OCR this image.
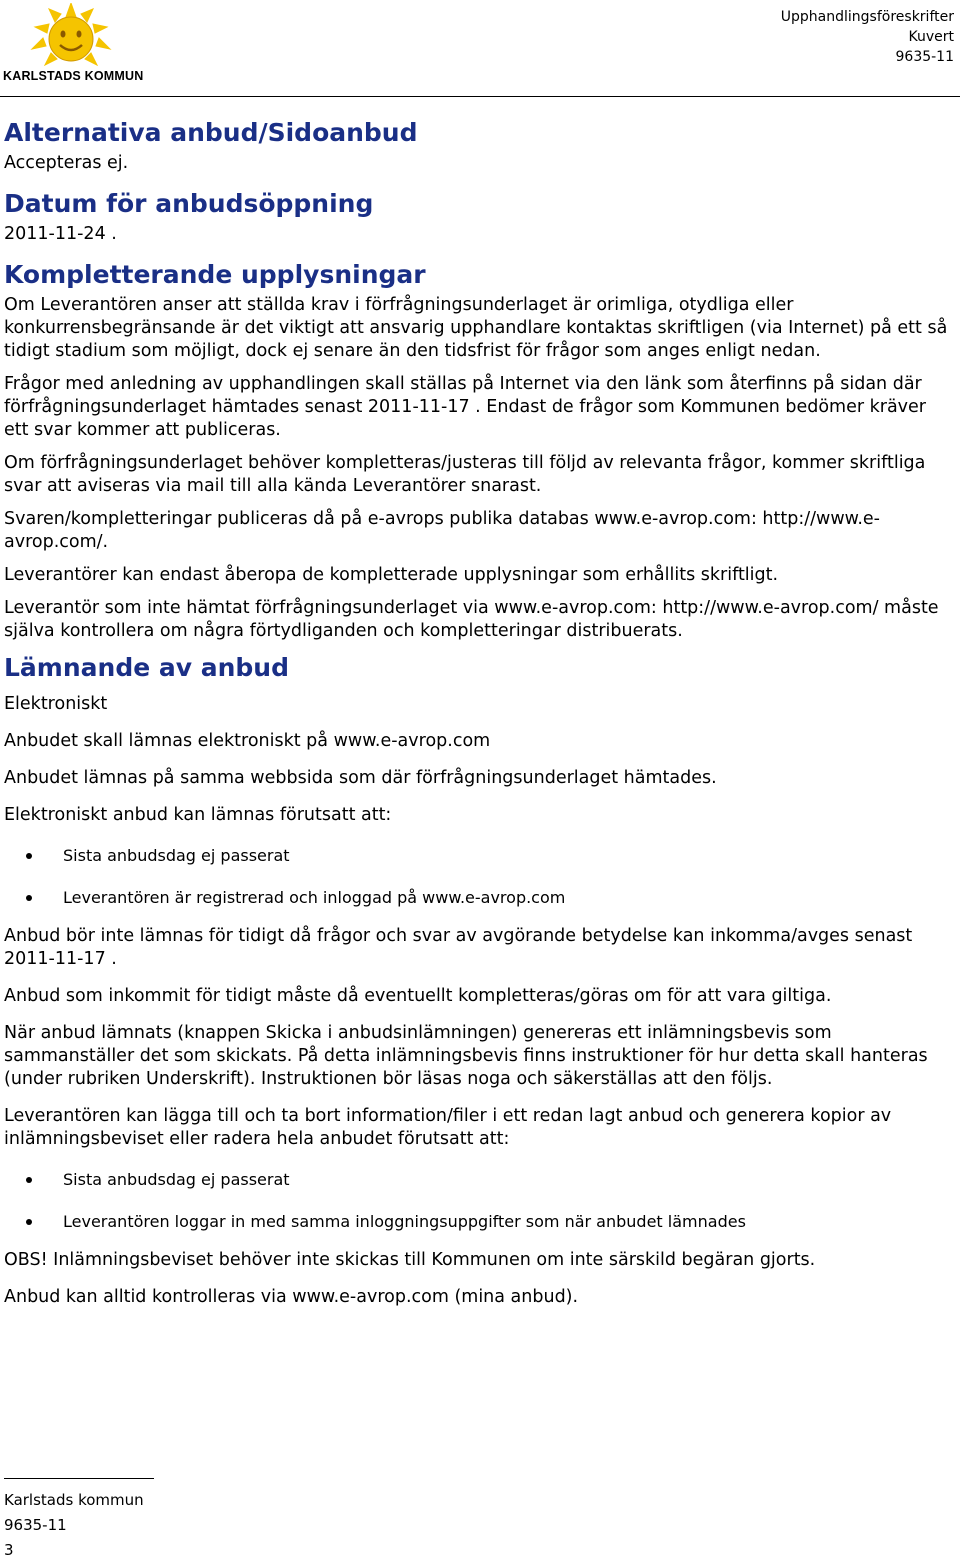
KARLSTADS KOMMUN
Upphandlingsföreskrifter
Kuvert
9635-11
Alternativa anbud/Sidoanbud

Accepteras ej.

Datum för anbudsöppning

2011-11-24 .

Kompletterande upplysningar

Om Leverantören anser att ställda krav i förfrågningsunderlaget är orimliga, otydliga eller konkurrensbegränsande är det viktigt att ansvarig upphandlare kontaktas skriftligen (via Internet) på ett så tidigt stadium som möjligt, dock ej senare än den tidsfrist för frågor som anges enligt nedan.

Frågor med anledning av upphandlingen skall ställas på Internet via den länk som återfinns på sidan där förfrågningsunderlaget hämtades senast 2011-11-17 . Endast de frågor som Kommunen bedömer kräver ett svar kommer att publiceras.

Om förfrågningsunderlaget behöver kompletteras/justeras till följd av relevanta frågor, kommer skriftliga svar att aviseras via mail till alla kända Leverantörer snarast.

Svaren/kompletteringar publiceras då på e-avrops publika databas www.e-avrop.com: http://www.e-avrop.com/.

Leverantörer kan endast åberopa de kompletterade upplysningar som erhållits skriftligt.

Leverantör som inte hämtat förfrågningsunderlaget via www.e-avrop.com: http://www.e-avrop.com/ måste själva kontrollera om några förtydliganden och kompletteringar distribuerats.

Lämnande av anbud

Elektroniskt

Anbudet skall lämnas elektroniskt på www.e-avrop.com

Anbudet lämnas på samma webbsida som där förfrågningsunderlaget hämtades.

Elektroniskt anbud kan lämnas förutsatt att:

Sista anbudsdag ej passerat
Leverantören är registrerad och inloggad på www.e-avrop.com

Anbud bör inte lämnas för tidigt då frågor och svar av avgörande betydelse kan inkomma/avges senast 2011-11-17 .

Anbud som inkommit för tidigt måste då eventuellt kompletteras/göras om för att vara giltiga.

När anbud lämnats (knappen Skicka i anbudsinlämningen) genereras ett inlämningsbevis som sammanställer det som skickats. På detta inlämningsbevis finns instruktioner för hur detta skall hanteras (under rubriken Underskrift). Instruktionen bör läsas noga och säkerställas att den följs.

Leverantören kan lägga till och ta bort information/filer i ett redan lagt anbud och generera kopior av inlämningsbeviset eller radera hela anbudet förutsatt att:

Sista anbudsdag ej passerat
Leverantören loggar in med samma inloggningsuppgifter som när anbudet lämnades

OBS! Inlämningsbeviset behöver inte skickas till Kommunen om inte särskild begäran gjorts.

Anbud kan alltid kontrolleras via www.e-avrop.com (mina anbud).

Karlstads kommun
9635-11
3
